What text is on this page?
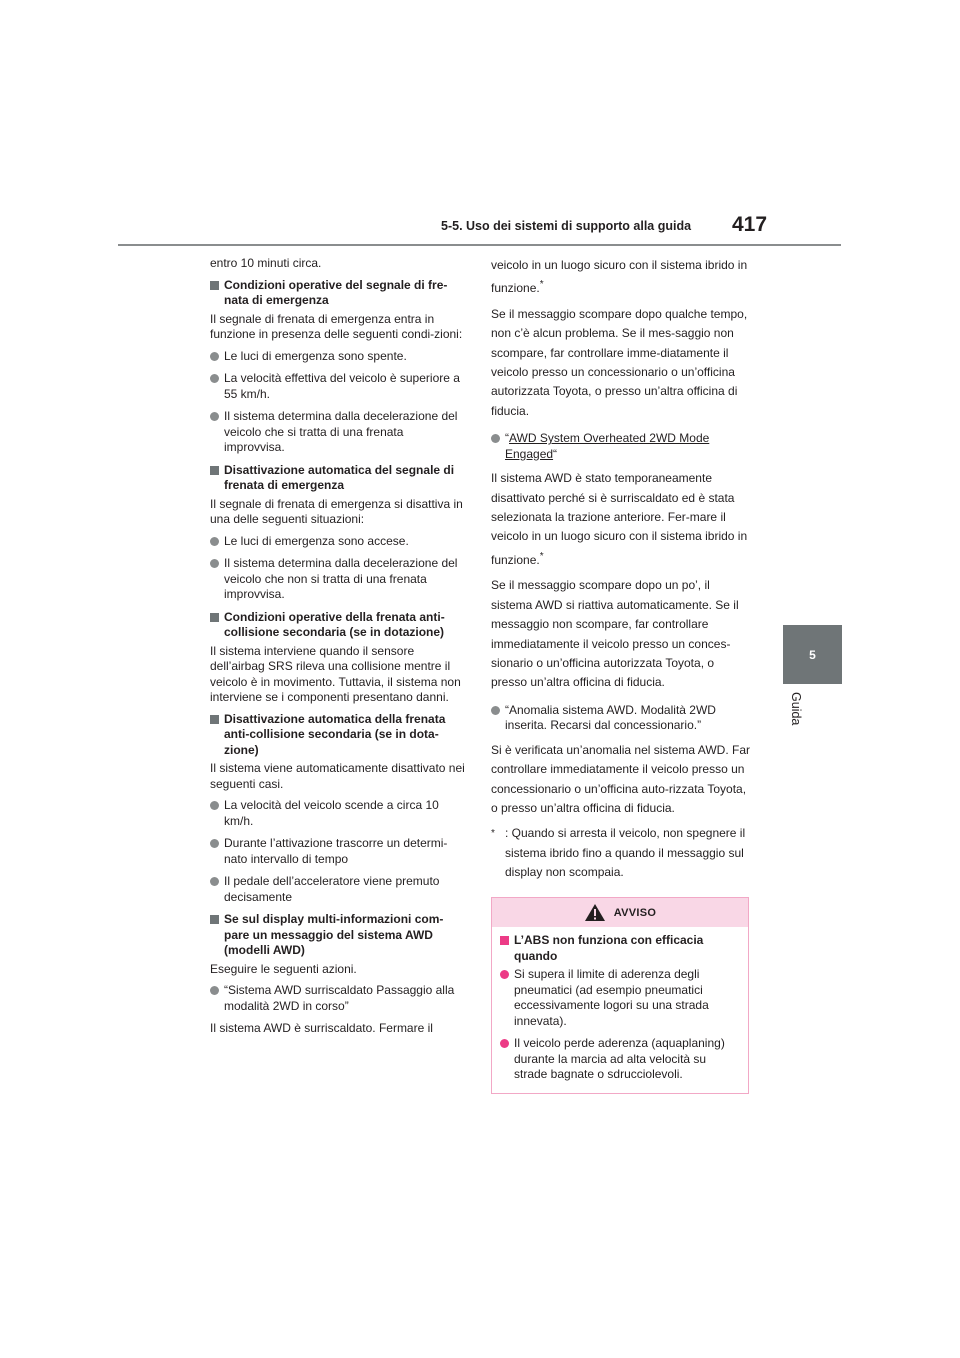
5-5. Uso dei sistemi di supporto alla guida 417
5
Guida

entro 10 minuti circa.

Condizioni operative del segnale di fre-nata di emergenza

Il segnale di frenata di emergenza entra in funzione in presenza delle seguenti condi-zioni:

Le luci di emergenza sono spente.

La velocità effettiva del veicolo è superiore a 55 km/h.

Il sistema determina dalla decelerazione del veicolo che si tratta di una frenata improvvisa.

Disattivazione automatica del segnale di frenata di emergenza

Il segnale di frenata di emergenza si disattiva in una delle seguenti situazioni:

Le luci di emergenza sono accese.

Il sistema determina dalla decelerazione del veicolo che non si tratta di una frenata improvvisa.

Condizioni operative della frenata anti-collisione secondaria (se in dotazione)

Il sistema interviene quando il sensore dell’airbag SRS rileva una collisione mentre il veicolo è in movimento. Tuttavia, il sistema non interviene se i componenti presentano danni.

Disattivazione automatica della frenata anti-collisione secondaria (se in dota-zione)

Il sistema viene automaticamente disattivato nei seguenti casi.

La velocità del veicolo scende a circa 10 km/h.

Durante l’attivazione trascorre un determi-nato intervallo di tempo

Il pedale dell’acceleratore viene premuto decisamente

Se sul display multi-informazioni com-pare un messaggio del sistema AWD (modelli AWD)

Eseguire le seguenti azioni.

“Sistema AWD surriscaldato Passaggio alla modalità 2WD in corso”

Il sistema AWD è surriscaldato. Fermare il

veicolo in un luogo sicuro con il sistema ibrido in funzione.*

Se il messaggio scompare dopo qualche tempo, non c’è alcun problema. Se il mes-saggio non scompare, far controllare imme-diatamente il veicolo presso un concessionario o un’officina autorizzata Toyota, o presso un’altra officina di fiducia.

“AWD System Overheated 2WD Mode Engaged“

Il sistema AWD è stato temporaneamente disattivato perché si è surriscaldato ed è stata selezionata la trazione anteriore. Fer-mare il veicolo in un luogo sicuro con il sistema ibrido in funzione.*

Se il messaggio scompare dopo un po’, il sistema AWD si riattiva automaticamente. Se il messaggio non scompare, far controllare immediatamente il veicolo presso un conces-sionario o un’officina autorizzata Toyota, o presso un’altra officina di fiducia.

“Anomalia sistema AWD. Modalità 2WD inserita. Recarsi dal concessionario.”

Si è verificata un’anomalia nel sistema AWD. Far controllare immediatamente il veicolo presso un concessionario o un’officina auto-rizzata Toyota, o presso un’altra officina di fiducia.

* : Quando si arresta il veicolo, non spegnere il sistema ibrido fino a quando il messaggio sul display non scompaia.

AVVISO

L’ABS non funziona con efficacia quando

Si supera il limite di aderenza degli pneumatici (ad esempio pneumatici eccessivamente logori su una strada innevata).

Il veicolo perde aderenza (aquaplaning) durante la marcia ad alta velocità su strade bagnate o sdrucciolevoli.
